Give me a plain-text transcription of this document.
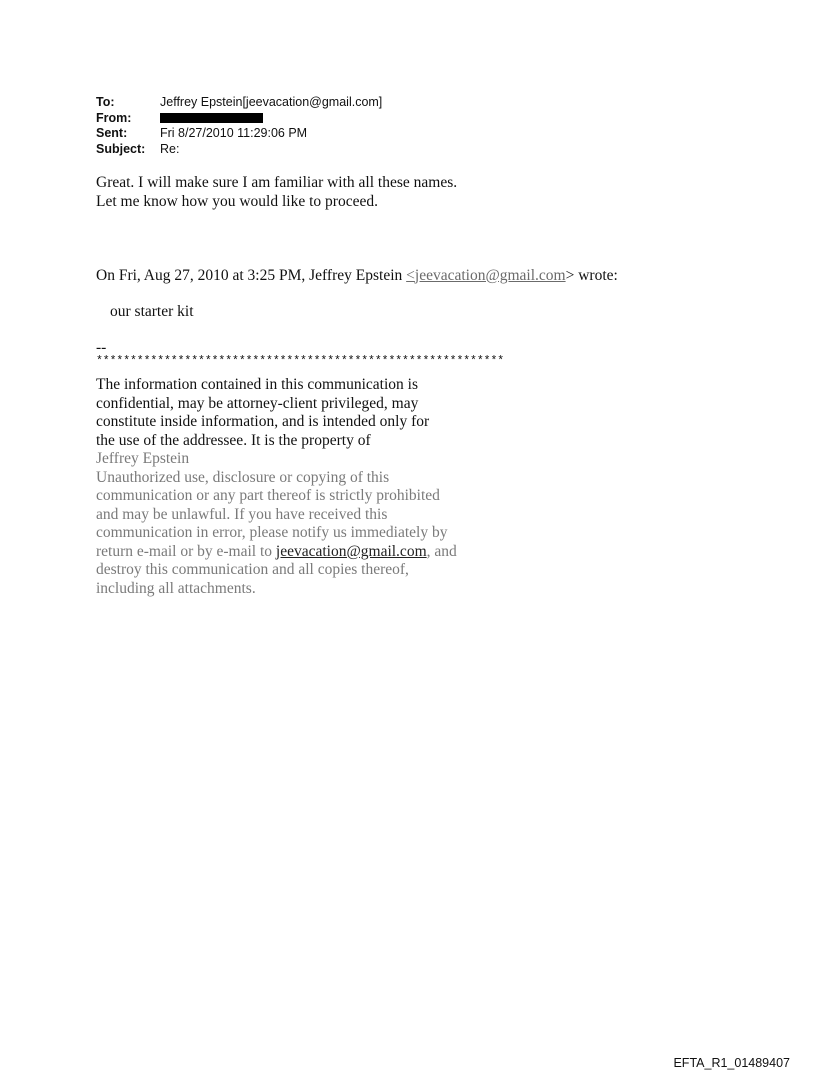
To:	Jeffrey Epstein[jeevacation@gmail.com]
From:
Sent:	Fri 8/27/2010 11:29:06 PM
Subject:	Re:
Great. I will make sure I am familiar with all these names.
Let me know how you would like to proceed.
On Fri, Aug 27, 2010 at 3:25 PM, Jeffrey Epstein <jeevacation@gmail.com> wrote:
our starter kit
--
************************************************************
The information contained in this communication is
confidential, may be attorney-client privileged, may
constitute inside information, and is intended only for
the use of the addressee. It is the property of
Jeffrey Epstein
Unauthorized use, disclosure or copying of this
communication or any part thereof is strictly prohibited
and may be unlawful. If you have received this
communication in error, please notify us immediately by
return e-mail or by e-mail to jeevacation@gmail.com, and
destroy this communication and all copies thereof,
including all attachments.
EFTA_R1_01489407
